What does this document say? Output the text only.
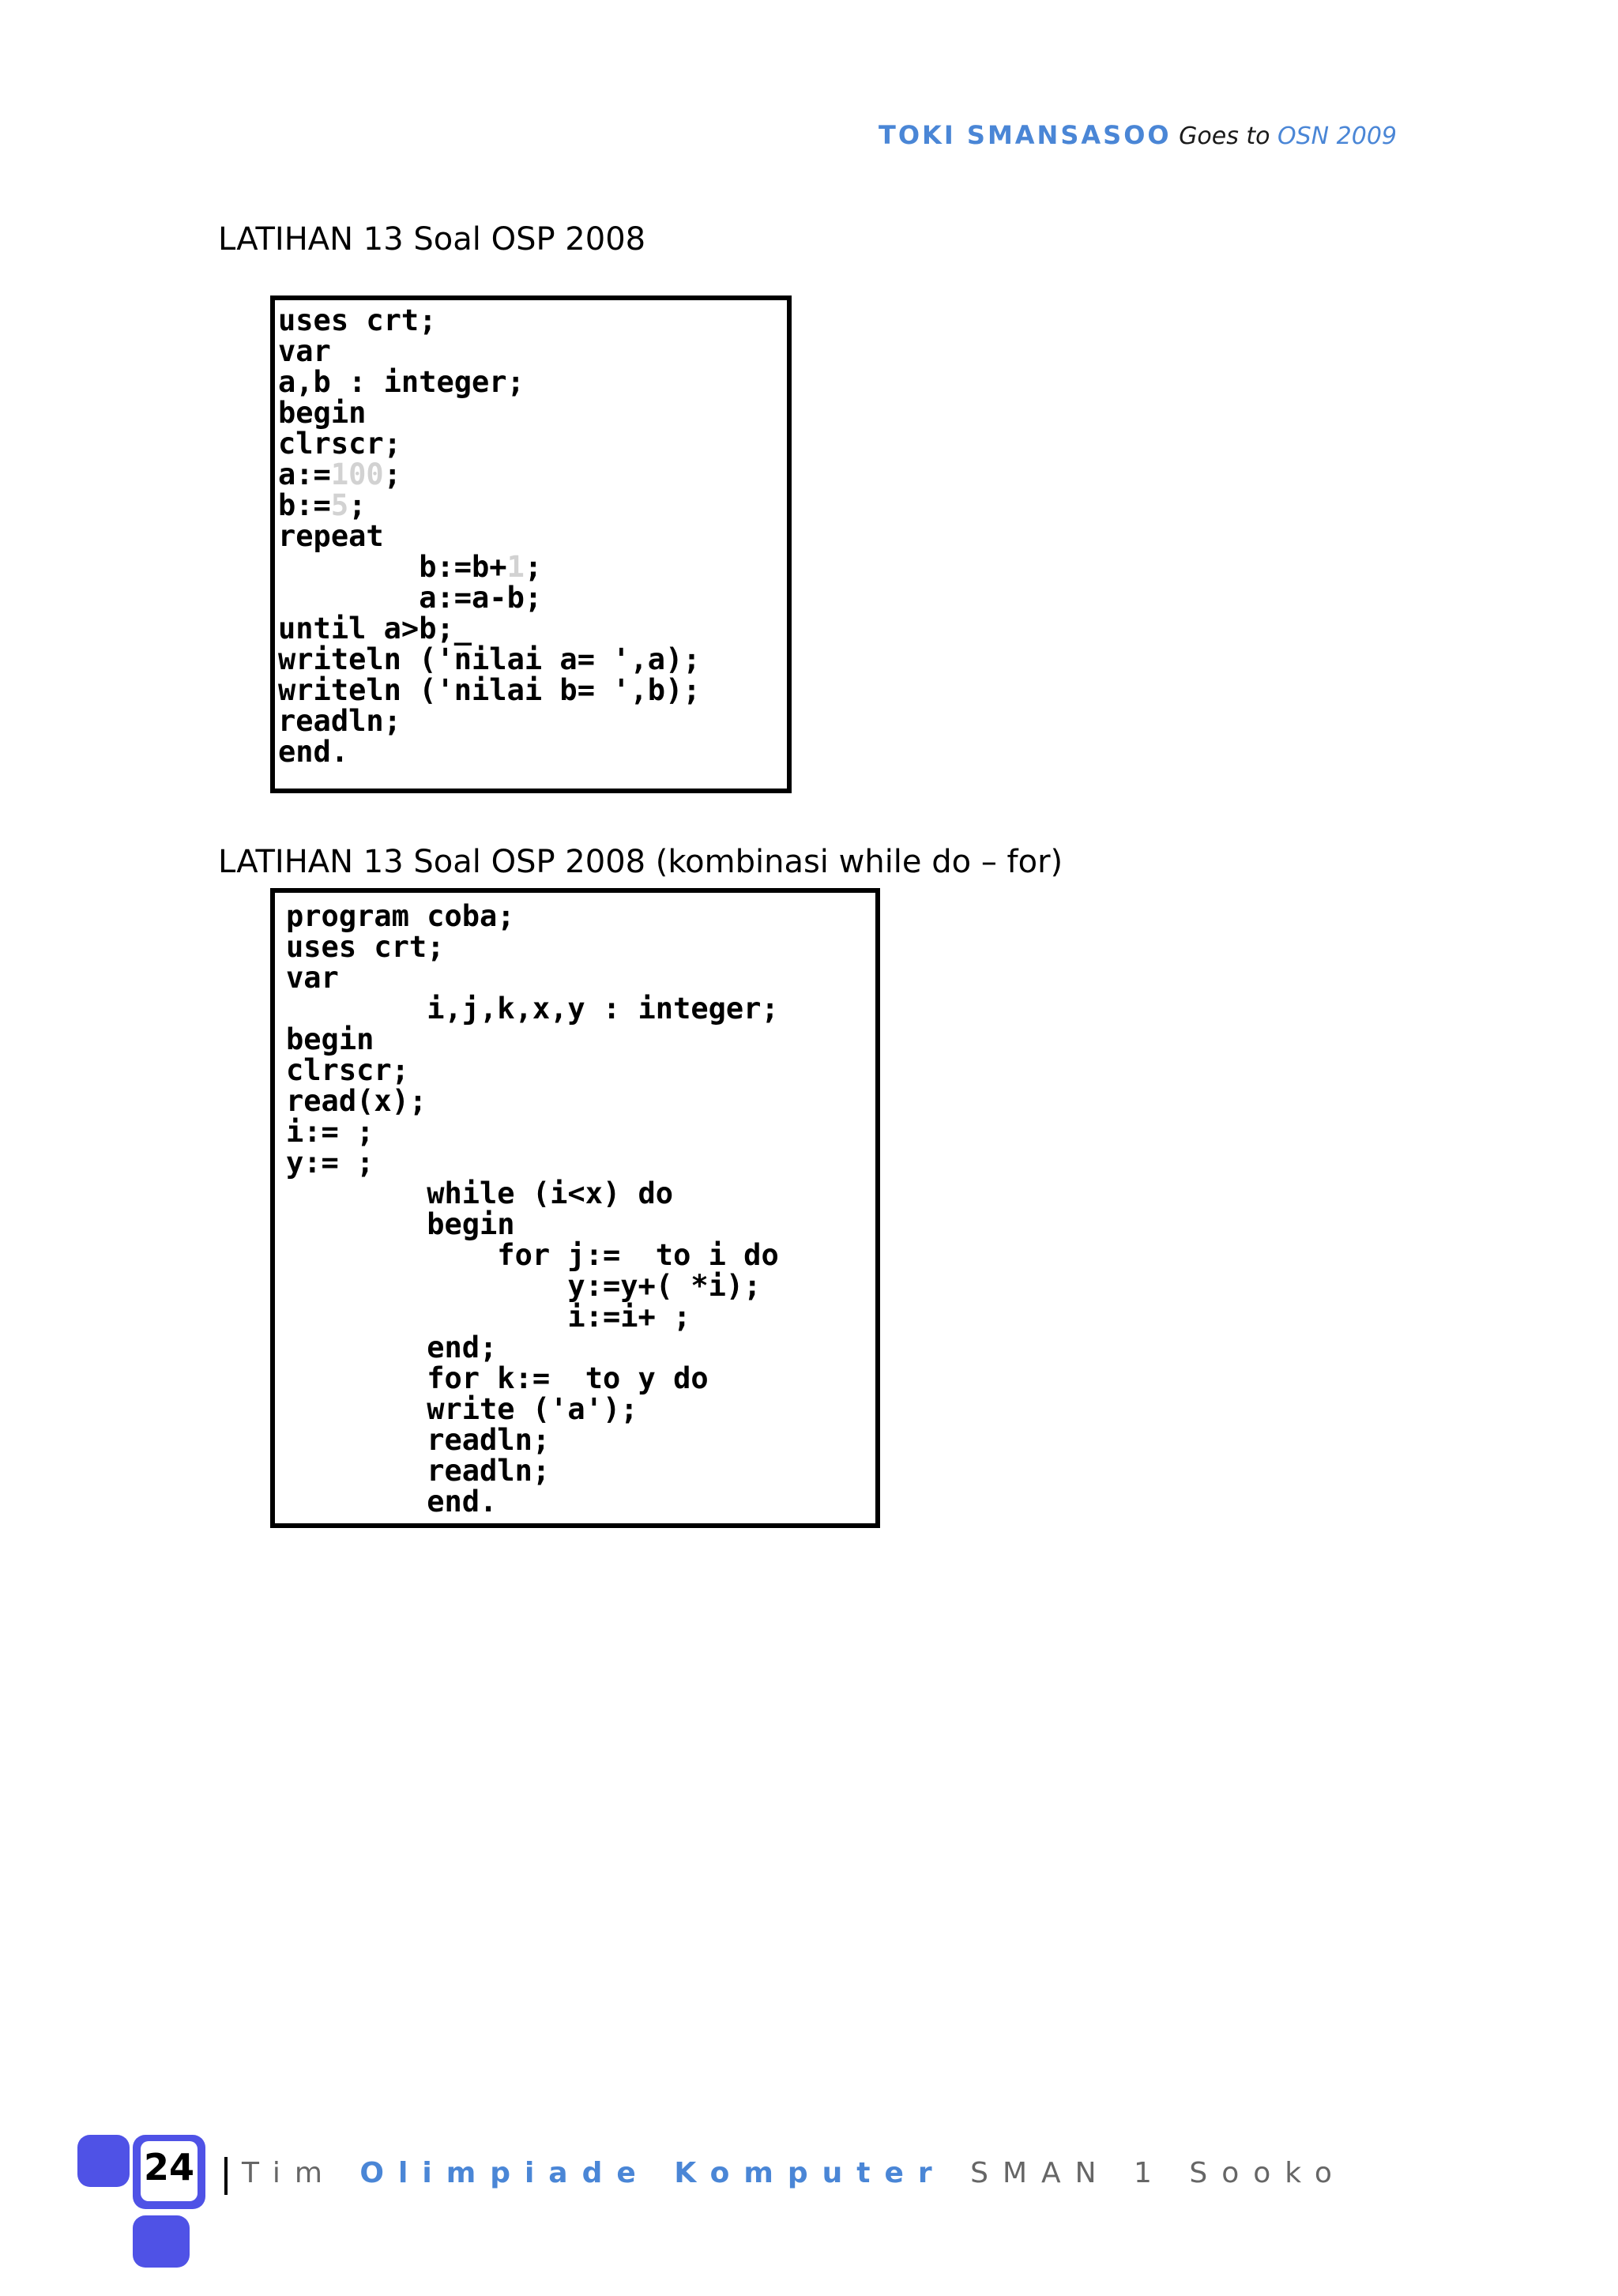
TOKI SMANSASOO Goes to OSN 2009
LATIHAN 13 Soal OSP 2008
uses crt;
var
a,b : integer;
begin
clrscr;
a:=100;
b:=5;
repeat
b:=b+1;
a:=a-b;
until a>b;_
writeln ('nilai a= ',a);
writeln ('nilai b= ',b);
readln;
end.
LATIHAN 13 Soal OSP 2008 (kombinasi while do – for)
program coba;
uses crt;
var
i,j,k,x,y : integer;
begin
clrscr;
read(x);
i:= ;
y:= ;
while (i<x) do
begin
for j:=  to i do
y:=y+( *i);
i:=i+ ;
end;
for k:=  to y do
write ('a');
readln;
readln;
end.
24 Tim Olimpiade Komputer SMAN 1 Sooko
